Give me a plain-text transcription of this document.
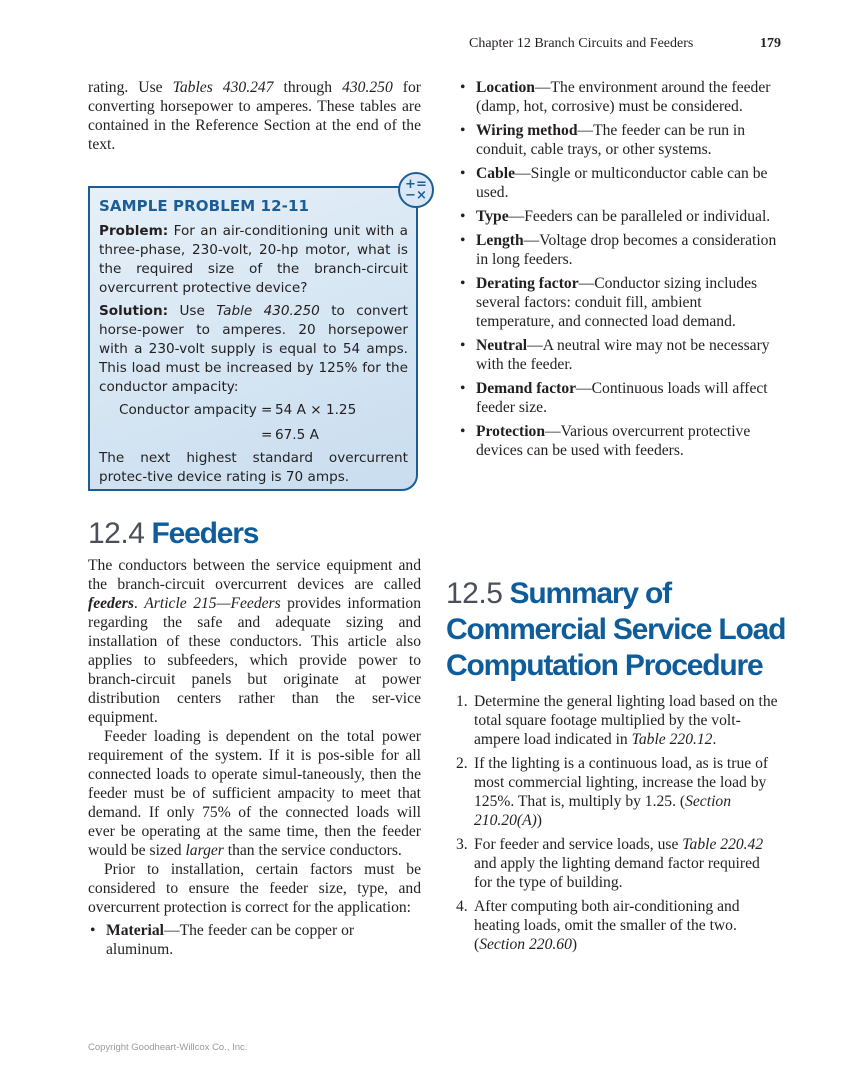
Chapter 12 Branch Circuits and Feeders	179

rating. Use Tables 430.247 through 430.250 for converting horsepower to amperes. These tables are contained in the Reference Section at the end of the text.

+ =
− ×
SAMPLE PROBLEM 12-11

Problem: For an air-conditioning unit with a three-phase, 230-volt, 20-hp motor, what is the required size of the branch-circuit overcurrent protective device?

Solution: Use Table 430.250 to convert horse-power to amperes. 20 horsepower with a 230-volt supply is equal to 54 amps. This load must be increased by 125% for the conductor ampacity:

Conductor ampacity = 54 A × 1.25
= 67.5 A

The next highest standard overcurrent protec-tive device rating is 70 amps.

12.4 Feeders

The conductors between the service equipment and the branch-circuit overcurrent devices are called feeders. Article 215—Feeders provides information regarding the safe and adequate sizing and installation of these conductors. This article also applies to subfeeders, which provide power to branch-circuit panels but originate at power distribution centers rather than the ser-vice equipment.

Feeder loading is dependent on the total power requirement of the system. If it is pos-sible for all connected loads to operate simul-taneously, then the feeder must be of sufficient ampacity to meet that demand. If only 75% of the connected loads will ever be operating at the same time, then the feeder would be sized larger than the service conductors.

Prior to installation, certain factors must be considered to ensure the feeder size, type, and overcurrent protection is correct for the application:

• Material—The feeder can be copper or aluminum.
• Location—The environment around the feeder (damp, hot, corrosive) must be considered.
• Wiring method—The feeder can be run in conduit, cable trays, or other systems.
• Cable—Single or multiconductor cable can be used.
• Type—Feeders can be paralleled or individual.
• Length—Voltage drop becomes a consideration in long feeders.
• Derating factor—Conductor sizing includes several factors: conduit fill, ambient temperature, and connected load demand.
• Neutral—A neutral wire may not be necessary with the feeder.
• Demand factor—Continuous loads will affect feeder size.
• Protection—Various overcurrent protective devices can be used with feeders.
12.5 Summary of
Commercial Service Load
Computation Procedure
1. Determine the general lighting load based on the total square footage multiplied by the volt-ampere load indicated in Table 220.12.
2. If the lighting is a continuous load, as is true of most commercial lighting, increase the load by 125%. That is, multiply by 1.25. (Section 210.20(A))
3. For feeder and service loads, use Table 220.42 and apply the lighting demand factor required for the type of building.
4. After computing both air-conditioning and heating loads, omit the smaller of the two. (Section 220.60)
Copyright Goodheart-Willcox Co., Inc.
